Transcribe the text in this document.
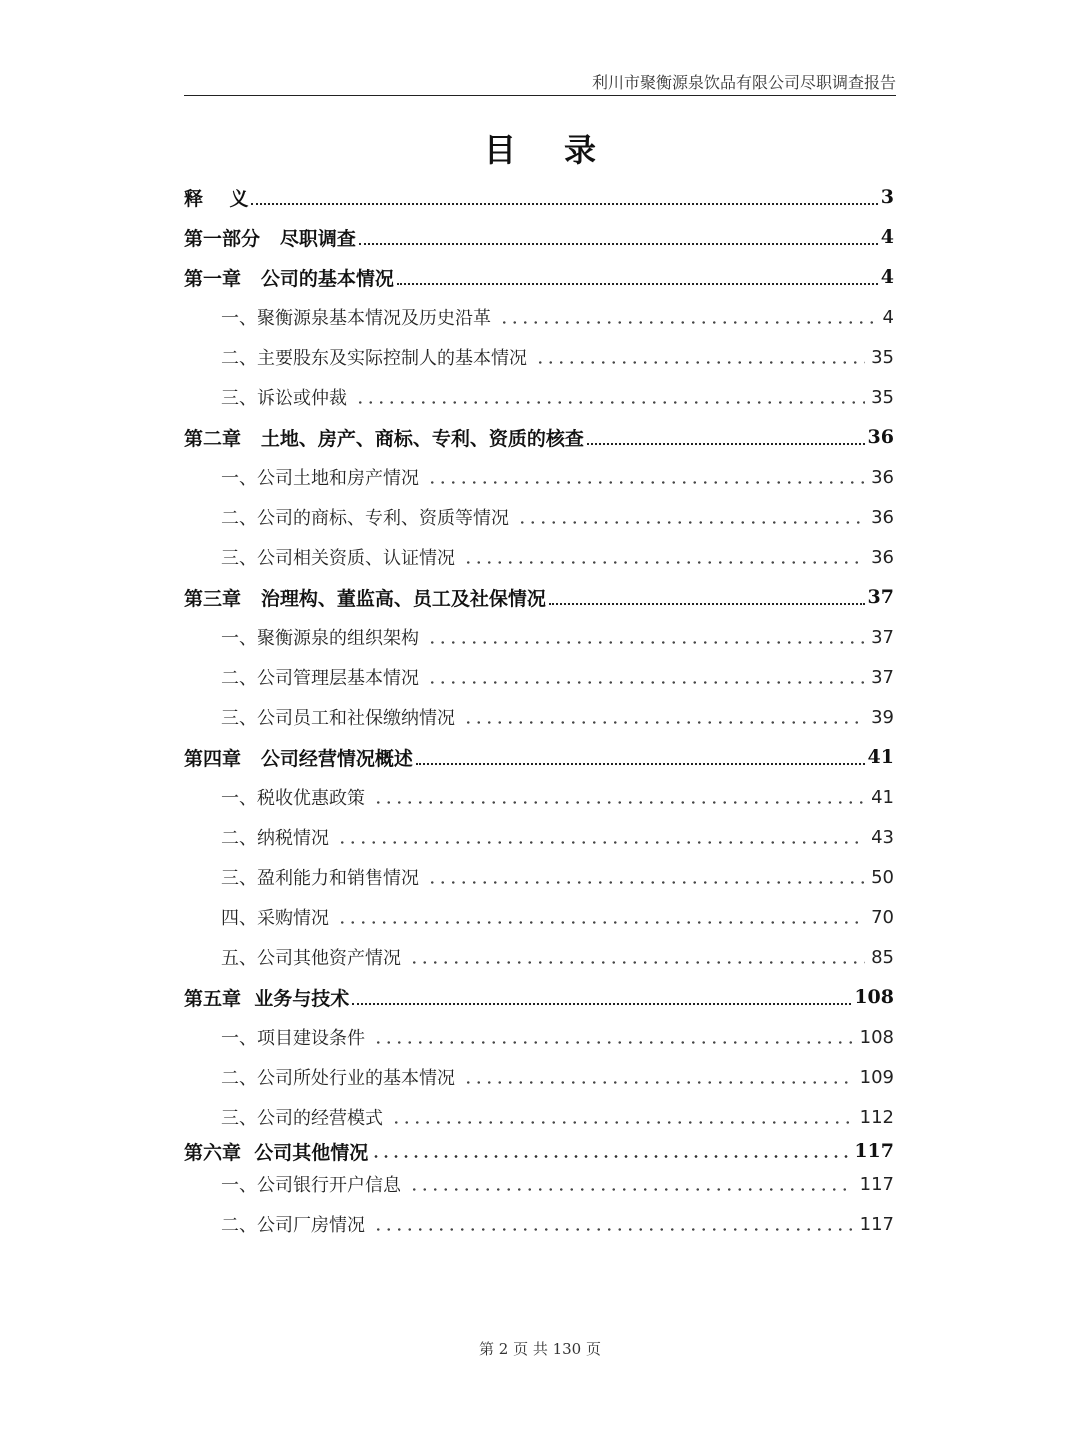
利川市聚衡源泉饮品有限公司尽职调查报告
目录
释    义	3
第一部分   尽职调查	4
第一章   公司的基本情况	4
一、聚衡源泉基本情况及历史沿革	4
二、主要股东及实际控制人的基本情况	35
三、诉讼或仲裁	35
第二章   土地、房产、商标、专利、资质的核查	36
一、公司土地和房产情况	36
二、公司的商标、专利、资质等情况	36
三、公司相关资质、认证情况	36
第三章   治理构、董监高、员工及社保情况	37
一、聚衡源泉的组织架构	37
二、公司管理层基本情况	37
三、公司员工和社保缴纳情况	39
第四章   公司经营情况概述	41
一、税收优惠政策	41
二、纳税情况	43
三、盈利能力和销售情况	50
四、采购情况	70
五、公司其他资产情况	85
第五章  业务与技术	108
一、项目建设条件	108
二、公司所处行业的基本情况	109
三、公司的经营模式	112
第六章  公司其他情况	117
一、公司银行开户信息	117
二、公司厂房情况	117
第 2 页 共 130 页
